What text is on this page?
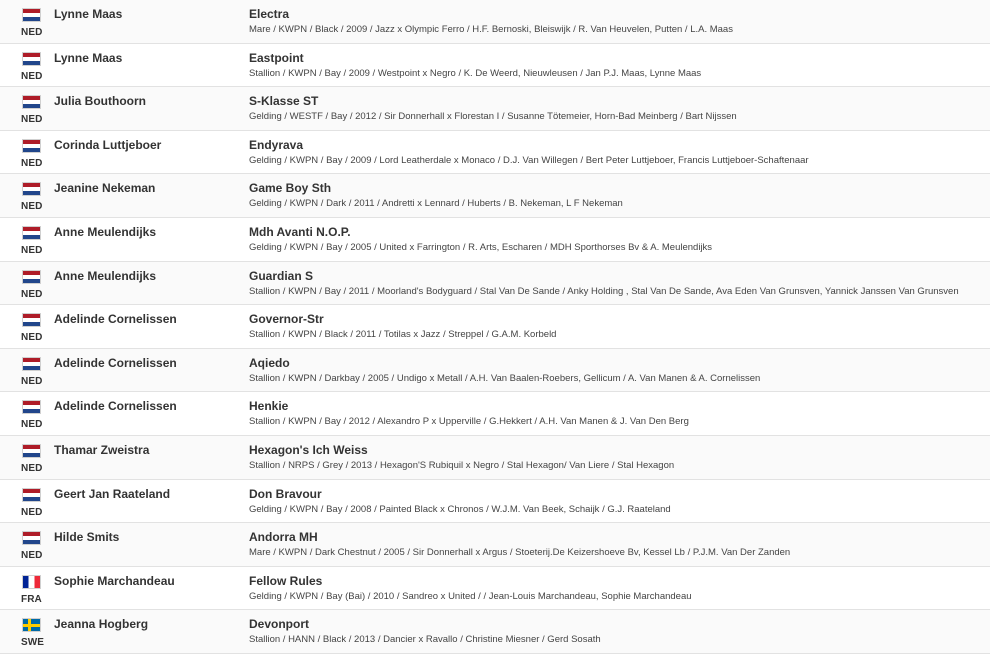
NED
Lynne Maas	Electra
Mare / KWPN / Black / 2009 / Jazz x Olympic Ferro / H.F. Bernoski, Bleiswijk / R. Van Heuvelen, Putten / L.A. Maas
NED
Lynne Maas	Eastpoint
Stallion / KWPN / Bay / 2009 / Westpoint x Negro / K. De Weerd, Nieuwleusen / Jan P.J. Maas, Lynne Maas
NED
Julia Bouthoorn	S-Klasse ST
Gelding / WESTF / Bay / 2012 / Sir Donnerhall x Florestan I / Susanne Tötemeier, Horn-Bad Meinberg / Bart Nijssen
NED
Corinda Luttjeboer	Endyrava
Gelding / KWPN / Bay / 2009 / Lord Leatherdale x Monaco / D.J. Van Willegen / Bert Peter Luttjeboer, Francis Luttjeboer-Schaftenaar
NED
Jeanine Nekeman	Game Boy Sth
Gelding / KWPN / Dark / 2011 / Andretti x Lennard / Huberts / B. Nekeman, L F Nekeman
NED
Anne Meulendijks	Mdh Avanti N.O.P.
Gelding / KWPN / Bay / 2005 / United x Farrington / R. Arts, Escharen / MDH Sporthorses Bv & A. Meulendijks
NED
Anne Meulendijks	Guardian S
Stallion / KWPN / Bay / 2011 / Moorland's Bodyguard / Stal Van De Sande / Anky Holding , Stal Van De Sande, Ava Eden Van Grunsven, Yannick Janssen Van Grunsven
NED
Adelinde Cornelissen	Governor-Str
Stallion / KWPN / Black / 2011 / Totilas x Jazz / Streppel / G.A.M. Korbeld
NED
Adelinde Cornelissen	Aqiedo
Stallion / KWPN / Darkbay / 2005 / Undigo x Metall / A.H. Van Baalen-Roebers, Gellicum / A. Van Manen & A. Cornelissen
NED
Adelinde Cornelissen	Henkie
Stallion / KWPN / Bay / 2012 / Alexandro P x Upperville / G.Hekkert / A.H. Van Manen & J. Van Den Berg
NED
Thamar Zweistra	Hexagon's Ich Weiss
Stallion / NRPS / Grey / 2013 / Hexagon'S Rubiquil x Negro / Stal Hexagon/ Van Liere / Stal Hexagon
NED
Geert Jan Raateland	Don Bravour
Gelding / KWPN / Bay / 2008 / Painted Black x Chronos / W.J.M. Van Beek, Schaijk / G.J. Raateland
NED
Hilde Smits	Andorra MH
Mare / KWPN / Dark Chestnut / 2005 / Sir Donnerhall x Argus / Stoeterij.De Keizershoeve Bv, Kessel Lb / P.J.M. Van Der Zanden
FRA
Sophie Marchandeau	Fellow Rules
Gelding / KWPN / Bay (Bai) / 2010 / Sandreo x United / / Jean-Louis Marchandeau, Sophie Marchandeau
SWE
Jeanna Hogberg	Devonport
Stallion / HANN / Black / 2013 / Dancier x Ravallo / Christine Miesner / Gerd Sosath
